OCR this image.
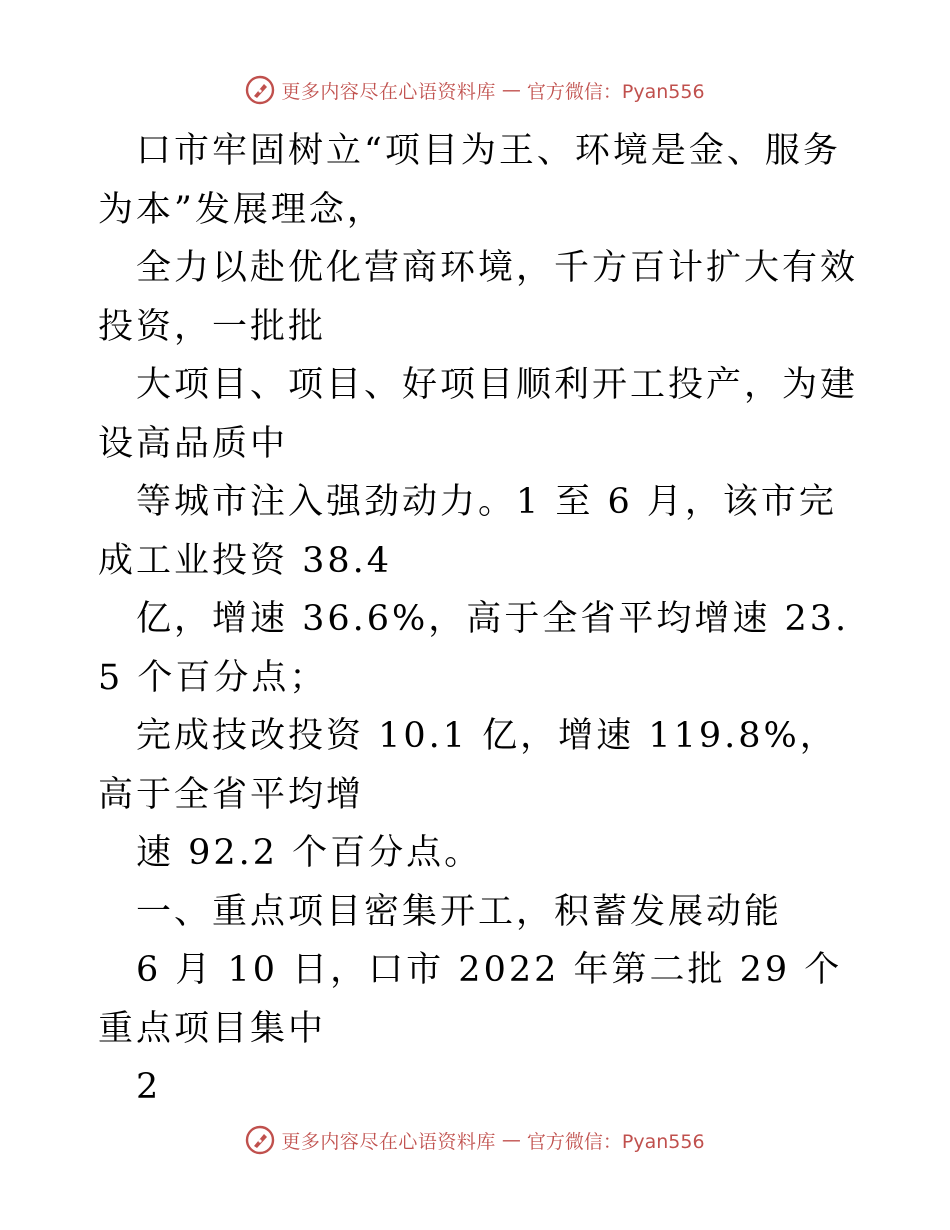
更多内容尽在心语资料库 — 官方微信：Pyan556

口市牢固树立“项目为王、环境是金、服务为本”发展理念，

全力以赴优化营商环境，千方百计扩大有效投资，一批批

大项目、项目、好项目顺利开工投产，为建设高品质中

等城市注入强劲动力。1 至 6 月，该市完成工业投资 38.4

亿，增速 36.6%，高于全省平均增速 23.5 个百分点；

完成技改投资 10.1 亿，增速 119.8%，高于全省平均增

速 92.2 个百分点。

一、重点项目密集开工，积蓄发展动能

6 月 10 日，口市 2022 年第二批 29 个重点项目集中

2

更多内容尽在心语资料库 — 官方微信：Pyan556
